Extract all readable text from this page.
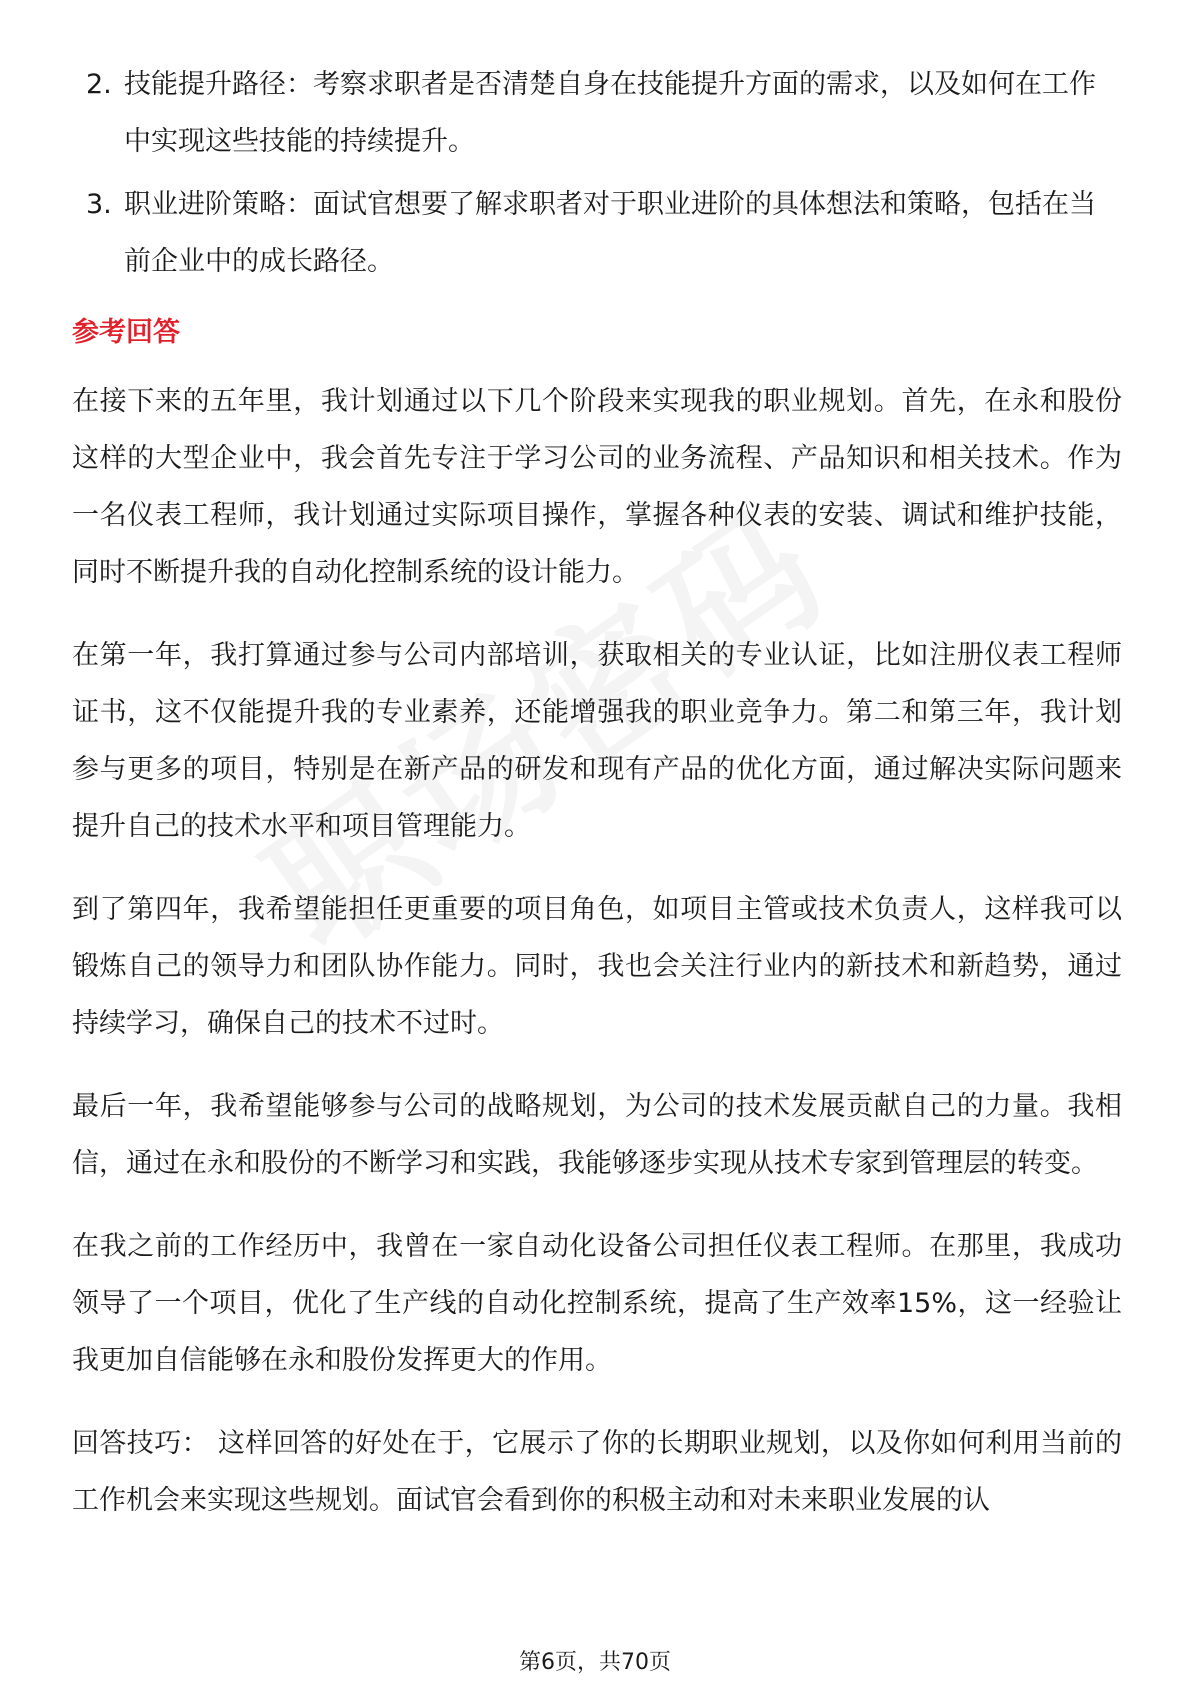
2. 技能提升路径：考察求职者是否清楚自身在技能提升方面的需求，以及如何在工作中实现这些技能的持续提升。
3. 职业进阶策略：面试官想要了解求职者对于职业进阶的具体想法和策略，包括在当前企业中的成长路径。
参考回答

在接下来的五年里，我计划通过以下几个阶段来实现我的职业规划。首先，在永和股份这样的大型企业中，我会首先专注于学习公司的业务流程、产品知识和相关技术。作为一名仪表工程师，我计划通过实际项目操作，掌握各种仪表的安装、调试和维护技能，同时不断提升我的自动化控制系统的设计能力。

在第一年，我打算通过参与公司内部培训，获取相关的专业认证，比如注册仪表工程师证书，这不仅能提升我的专业素养，还能增强我的职业竞争力。第二和第三年，我计划参与更多的项目，特别是在新产品的研发和现有产品的优化方面，通过解决实际问题来提升自己的技术水平和项目管理能力。

到了第四年，我希望能担任更重要的项目角色，如项目主管或技术负责人，这样我可以锻炼自己的领导力和团队协作能力。同时，我也会关注行业内的新技术和新趋势，通过持续学习，确保自己的技术不过时。

最后一年，我希望能够参与公司的战略规划，为公司的技术发展贡献自己的力量。我相信，通过在永和股份的不断学习和实践，我能够逐步实现从技术专家到管理层的转变。

在我之前的工作经历中，我曾在一家自动化设备公司担任仪表工程师。在那里，我成功领导了一个项目，优化了生产线的自动化控制系统，提高了生产效率15%，这一经验让我更加自信能够在永和股份发挥更大的作用。

回答技巧： 这样回答的好处在于，它展示了你的长期职业规划，以及你如何利用当前的工作机会来实现这些规划。面试官会看到你的积极主动和对未来职业发展的认

第6页，共70页
